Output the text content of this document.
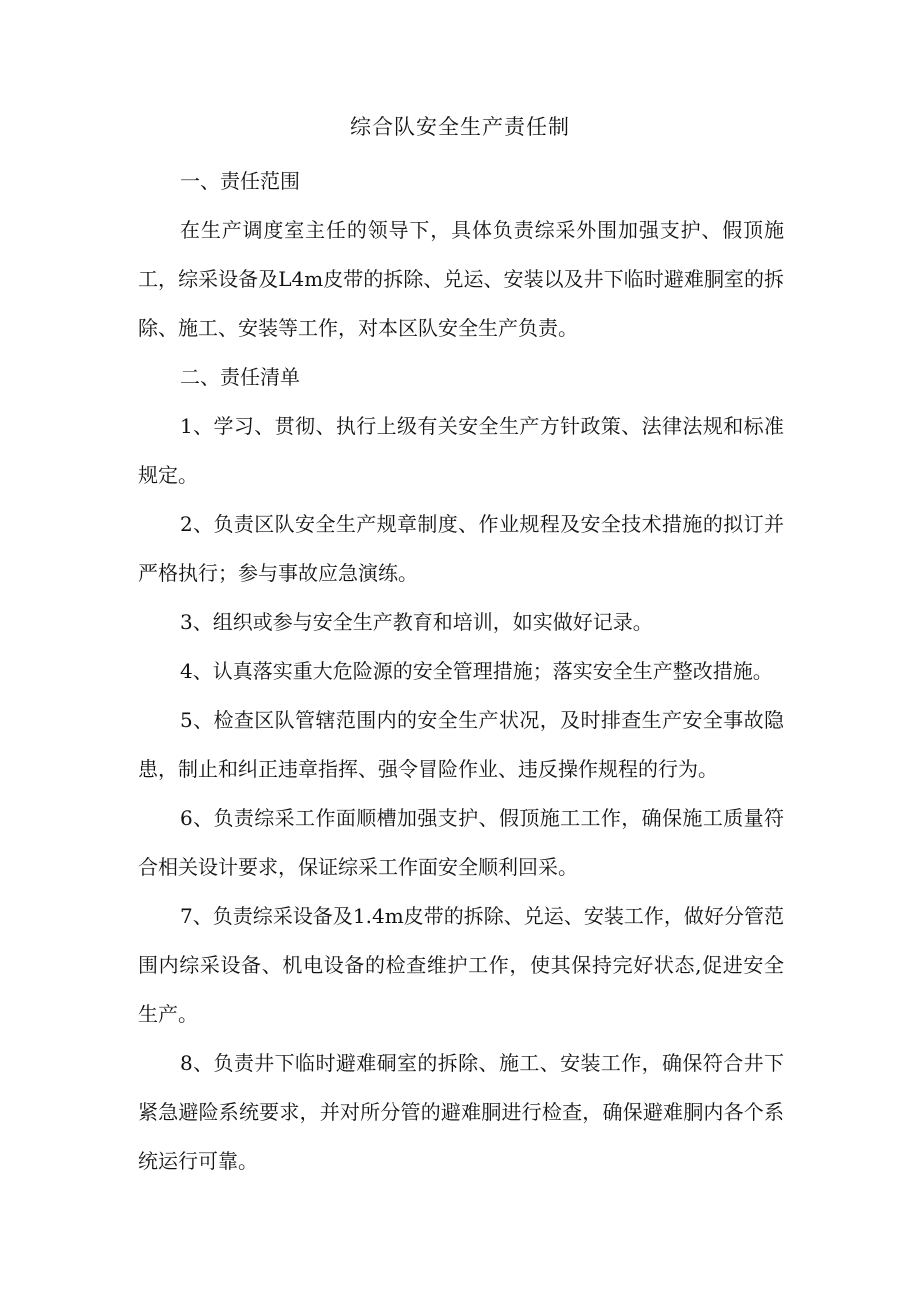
综合队安全生产责任制

一、责任范围

在生产调度室主任的领导下，具体负责综采外围加强支护、假顶施工，综采设备及L4m皮带的拆除、兑运、安装以及井下临时避难胴室的拆除、施工、安装等工作，对本区队安全生产负责。

二、责任清单

1、学习、贯彻、执行上级有关安全生产方针政策、法律法规和标准规定。

2、负责区队安全生产规章制度、作业规程及安全技术措施的拟订并严格执行；参与事故应急演练。

3、组织或参与安全生产教育和培训，如实做好记录。

4、认真落实重大危险源的安全管理措施；落实安全生产整改措施。

5、检查区队管辖范围内的安全生产状况，及时排查生产安全事故隐患，制止和纠正违章指挥、强令冒险作业、违反操作规程的行为。

6、负责综采工作面顺槽加强支护、假顶施工工作，确保施工质量符合相关设计要求，保证综采工作面安全顺利回采。

7、负责综采设备及1.4m皮带的拆除、兑运、安装工作，做好分管范围内综采设备、机电设备的检查维护工作，使其保持完好状态,促进安全生产。

8、负责井下临时避难硐室的拆除、施工、安装工作，确保符合井下紧急避险系统要求，并对所分管的避难胴进行检查，确保避难胴内各个系统运行可靠。
